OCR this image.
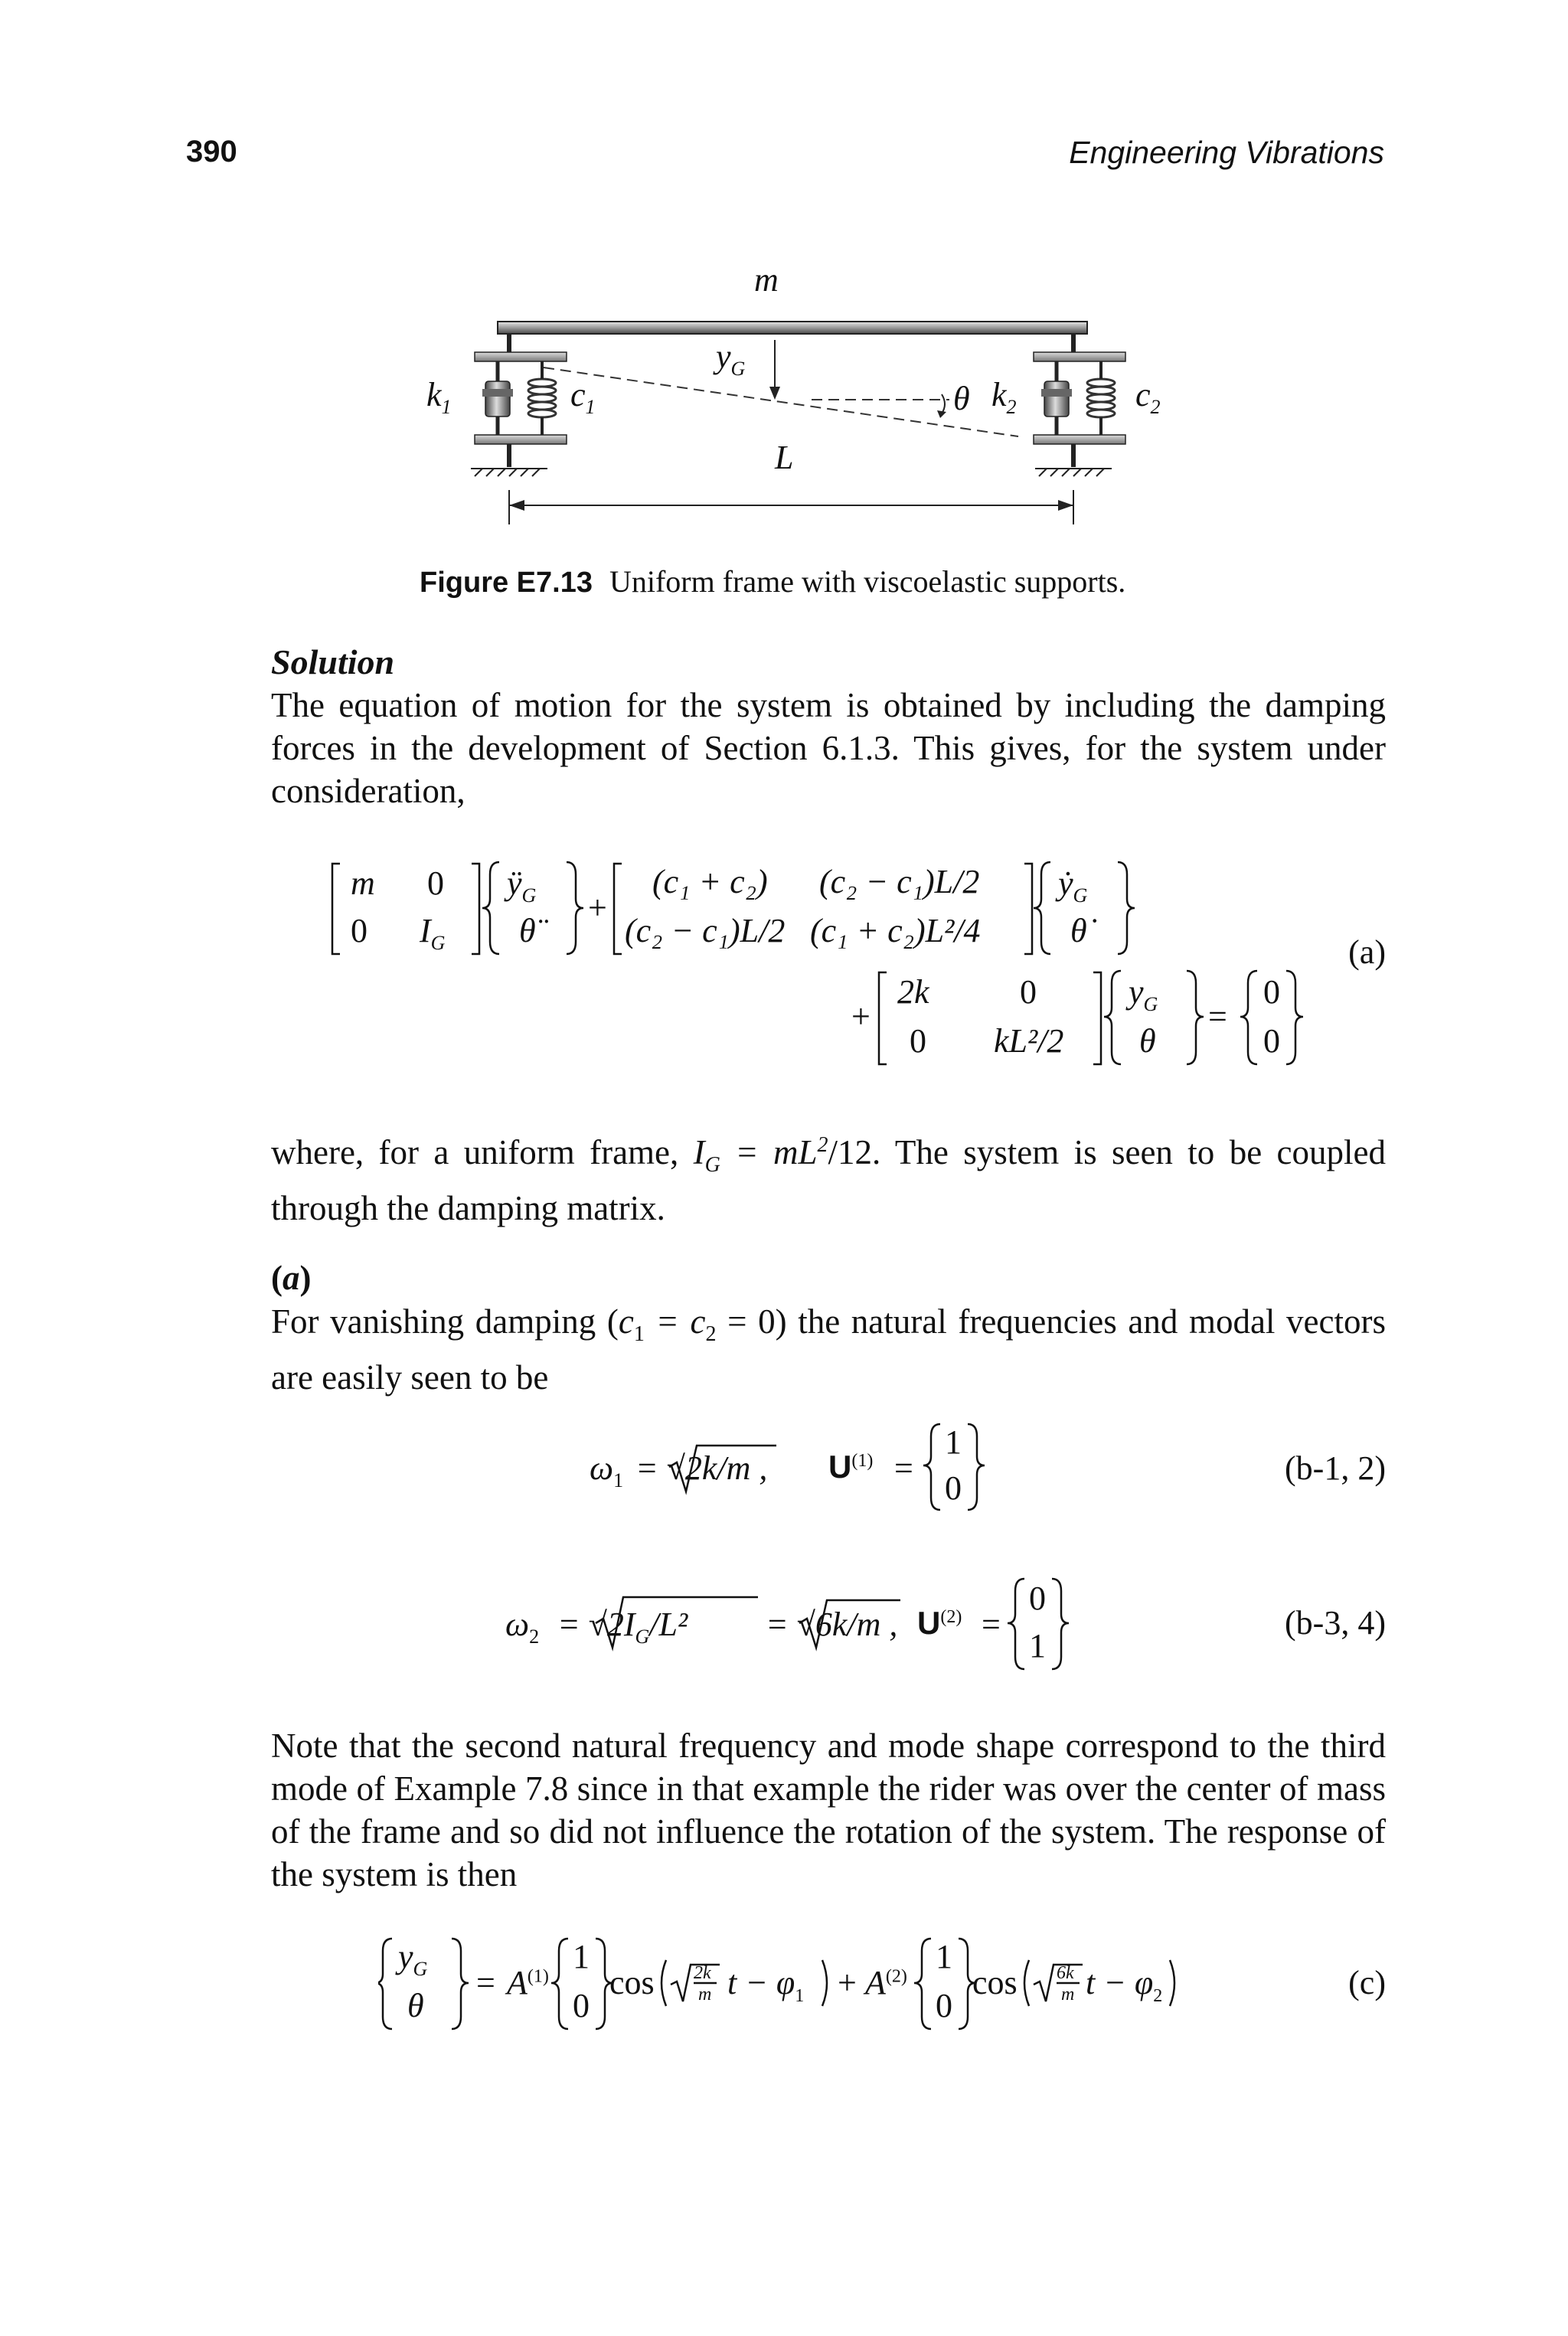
390	Engineering Vibrations
m
$y_G$
$k_1$	$c_1$	θ $k_2$	$c_2$
L
Figure E7.13 Uniform frame with viscoelastic supports.
Solution
The equation of motion for the system is obtained by including the damping forces in the development of Section 6.1.3. This gives, for the system under consideration,
m 0
0 $I_G$
$ÿ_G$
θ̈
+
(c₁ + c₂) (c₂ − c₁)L/2
(c₂ − c₁)L/2 (c₁ + c₂)L²/4
ẏ$_G$
θ̇
+
2k	0
0 kL²/2
$y_G$
θ
=
0
0
(a)
where, for a uniform frame, $I_G = mL^2/12$. The system is seen to be coupled through the damping matrix.
(a)
For vanishing damping $(c_1 = c_2 = 0)$ the natural frequencies and modal vectors are easily seen to be
$\omega_1 = √2k/m$ , $U^{(1)}$ =
1
0
(b-1, 2)
$\omega_2 = √2I_G/L^2 = √6k/m$ , $U^{(2)}$ =
0
1
(b-3, 4)
Note that the second natural frequency and mode shape correspond to the third mode of Example 7.8 since in that example the rider was over the center of mass of the frame and so did not influence the rotation of the system. The response of the system is then
$y_G$
θ
= $A^{(1)}$
1
0
cos 2k
m $t - \varphi_1 + A^{(2)}$
1
0
cos 6k
m $t - \varphi_2$	(c)
